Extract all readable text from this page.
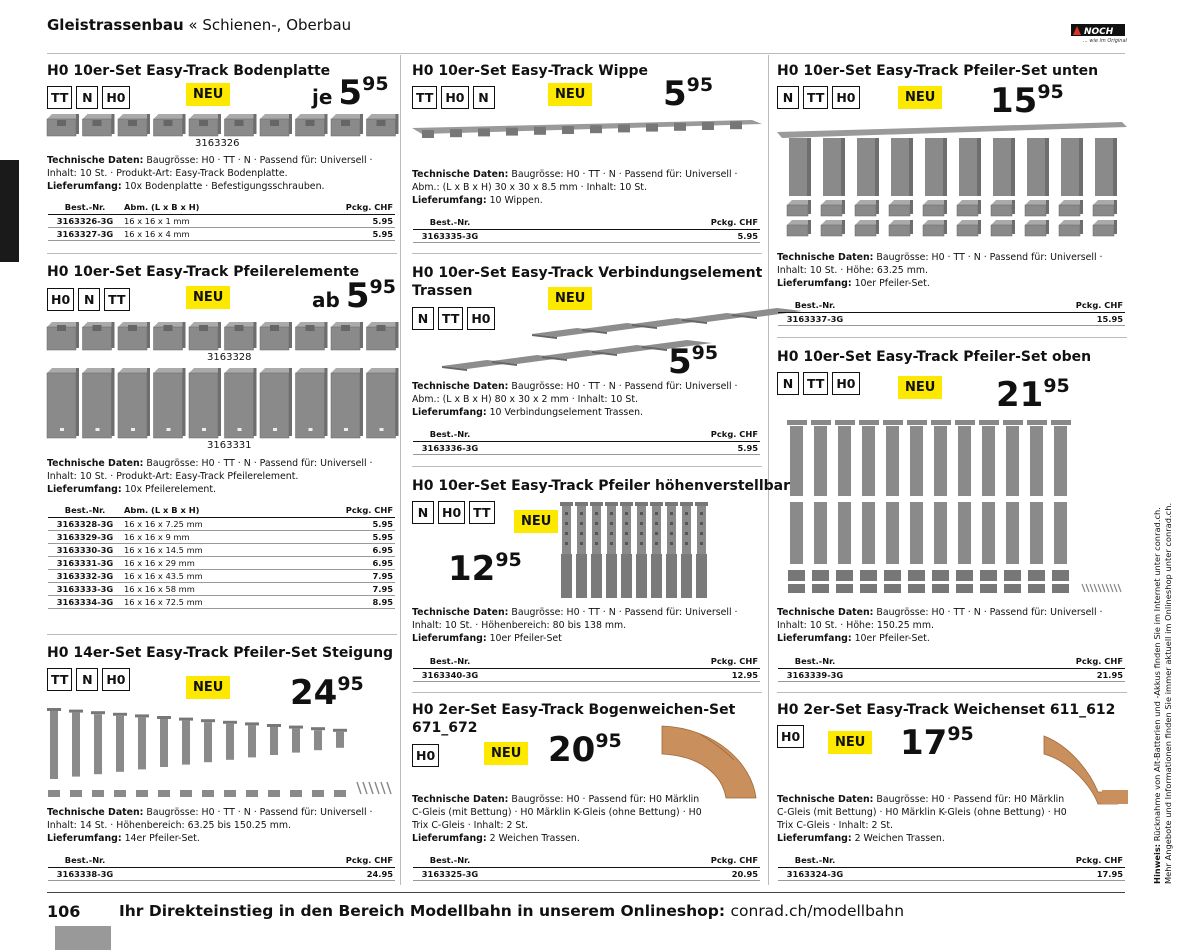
Gleistrassenbau « Schienen-, Oberbau	NOCH
... wie im Original
H0 10er-Set Easy-Track Bodenplatte
TT	N	H0	NEU	je 595
3163326
Technische Daten: Baugrösse: H0 · TT · N · Passend für: Universell · Inhalt: 10 St. · Produkt-Art: Easy-Track Bodenplatte.
Lieferumfang: 10x Bodenplatte · Befestigungsschrauben.
Best.-Nr.	Abm. (L x B x H)	Pckg. CHF
3163326-3G	16 x 16 x 1 mm	5.95
3163327-3G	16 x 16 x 4 mm	5.95
H0 10er-Set Easy-Track Pfeilerelemente
H0	N	TT	NEU	ab 595
3163328
3163331
Technische Daten: Baugrösse: H0 · TT · N · Passend für: Universell · Inhalt: 10 St. · Produkt-Art: Easy-Track Pfeilerelement.
Lieferumfang: 10x Pfeilerelement.
Best.-Nr.	Abm. (L x B x H)	Pckg. CHF
3163328-3G	16 x 16 x 7.25 mm	5.95
3163329-3G	16 x 16 x 9 mm	5.95
3163330-3G	16 x 16 x 14.5 mm	6.95
3163331-3G	16 x 16 x 29 mm	6.95
3163332-3G	16 x 16 x 43.5 mm	7.95
3163333-3G	16 x 16 x 58 mm	7.95
3163334-3G	16 x 16 x 72.5 mm	8.95
H0 14er-Set Easy-Track Pfeiler-Set Steigung
TT	N	H0
NEU 2495
Technische Daten: Baugrösse: H0 · TT · N · Passend für: Universell · Inhalt: 14 St. · Höhenbereich: 63.25 bis 150.25 mm.
Lieferumfang: 14er Pfeiler-Set.
Best.-Nr.		Pckg. CHF
3163338-3G		24.95
H0 10er-Set Easy-Track Wippe
TT H0	N	NEU 595
Technische Daten: Baugrösse: H0 · TT · N · Passend für: Universell · Abm.: (L x B x H) 30 x 30 x 8.5 mm · Inhalt: 10 St.
Lieferumfang: 10 Wippen.
Best.-Nr.		Pckg. CHF
3163335-3G		5.95
H0 10er-Set Easy-Track Verbindungselement
Trassen	NEU
N	TT H0
595
Technische Daten: Baugrösse: H0 · TT · N · Passend für: Universell · Abm.: (L x B x H) 80 x 30 x 2 mm · Inhalt: 10 St.
Lieferumfang: 10 Verbindungselement Trassen.
Best.-Nr.		Pckg. CHF
3163336-3G		5.95
H0 10er-Set Easy-Track Pfeiler höhenverstellbar
N	H0 TT
NEU
1295
Technische Daten: Baugrösse: H0 · TT · N · Passend für: Universell · Inhalt: 10 St. · Höhenbereich: 80 bis 138 mm.
Lieferumfang: 10er Pfeiler-Set
Best.-Nr.		Pckg. CHF
3163340-3G		12.95
H0 2er-Set Easy-Track Bogenweichen-Set
671_672
H0	NEU 2095
Technische Daten: Baugrösse: H0 · Passend für: H0 Märklin C-Gleis (mit Bettung) · H0 Märklin K-Gleis (ohne Bettung) · H0 Trix C-Gleis · Inhalt: 2 St.
Lieferumfang: 2 Weichen Trassen.
Best.-Nr.		Pckg. CHF
3163325-3G		20.95
H0 10er-Set Easy-Track Pfeiler-Set unten
N	TT H0	NEU 1595
Technische Daten: Baugrösse: H0 · TT · N · Passend für: Universell · Inhalt: 10 St. · Höhe: 63.25 mm.
Lieferumfang: 10er Pfeiler-Set.
Best.-Nr.		Pckg. CHF
3163337-3G		15.95
H0 10er-Set Easy-Track Pfeiler-Set oben
N	TT H0	NEU 2195
Technische Daten: Baugrösse: H0 · TT · N · Passend für: Universell · Inhalt: 10 St. · Höhe: 150.25 mm.
Lieferumfang: 10er Pfeiler-Set.
Best.-Nr.		Pckg. CHF
3163339-3G		21.95
H0 2er-Set Easy-Track Weichenset 611_612
H0	NEU 1795
Technische Daten: Baugrösse: H0 · Passend für: H0 Märklin C-Gleis (mit Bettung) · H0 Märklin K-Gleis (ohne Bettung) · H0 Trix C-Gleis · Inhalt: 2 St.
Lieferumfang: 2 Weichen Trassen.
Best.-Nr.		Pckg. CHF
3163324-3G		17.95	Hinweis: Rücknahme von Alt-Batterien und -Akkus finden Sie im Internet unter conrad.ch.
Mehr Angebote und Informationen finden Sie immer aktuell im Onlineshop unter conrad.ch.
106 Ihr Direkteinstieg in den Bereich Modellbahn in unserem Onlineshop: conrad.ch/modellbahn
